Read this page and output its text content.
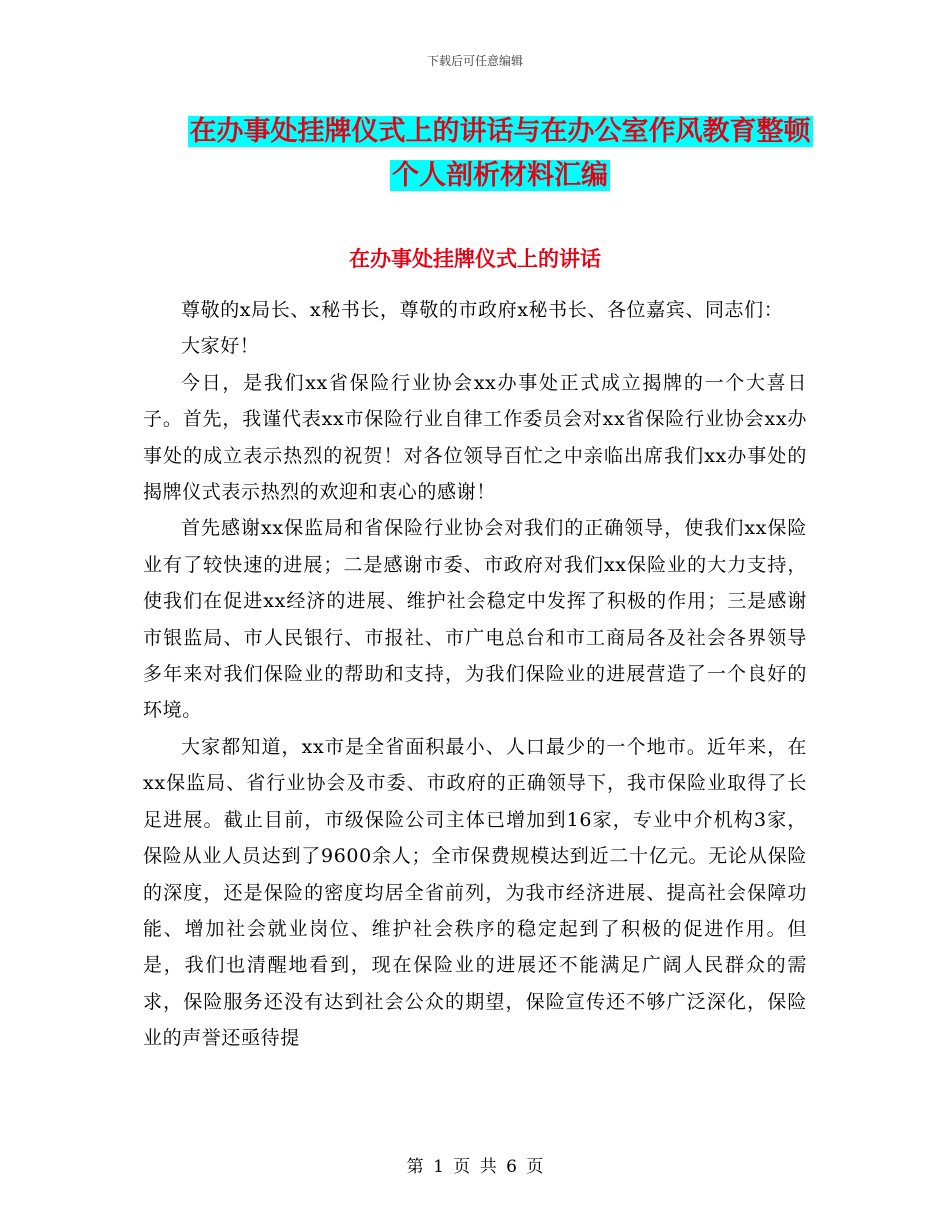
下载后可任意编辑
在办事处挂牌仪式上的讲话与在办公室作风教育整顿
个人剖析材料汇编
在办事处挂牌仪式上的讲话

尊敬的x局长、x秘书长，尊敬的市政府x秘书长、各位嘉宾、同志们：

大家好！

今日，是我们xx省保险行业协会xx办事处正式成立揭牌的一个大喜日子。首先，我谨代表xx市保险行业自律工作委员会对xx省保险行业协会xx办事处的成立表示热烈的祝贺！对各位领导百忙之中亲临出席我们xx办事处的揭牌仪式表示热烈的欢迎和衷心的感谢！

首先感谢xx保监局和省保险行业协会对我们的正确领导，使我们xx保险业有了较快速的进展；二是感谢市委、市政府对我们xx保险业的大力支持，使我们在促进xx经济的进展、维护社会稳定中发挥了积极的作用；三是感谢市银监局、市人民银行、市报社、市广电总台和市工商局各及社会各界领导多年来对我们保险业的帮助和支持，为我们保险业的进展营造了一个良好的环境。

大家都知道，xx市是全省面积最小、人口最少的一个地市。近年来，在xx保监局、省行业协会及市委、市政府的正确领导下，我市保险业取得了长足进展。截止目前，市级保险公司主体已增加到16家，专业中介机构3家，保险从业人员达到了9600余人；全市保费规模达到近二十亿元。无论从保险的深度，还是保险的密度均居全省前列，为我市经济进展、提高社会保障功能、增加社会就业岗位、维护社会秩序的稳定起到了积极的促进作用。但是，我们也清醒地看到，现在保险业的进展还不能满足广阔人民群众的需求，保险服务还没有达到社会公众的期望，保险宣传还不够广泛深化，保险业的声誉还亟待提

第 1 页 共 6 页
